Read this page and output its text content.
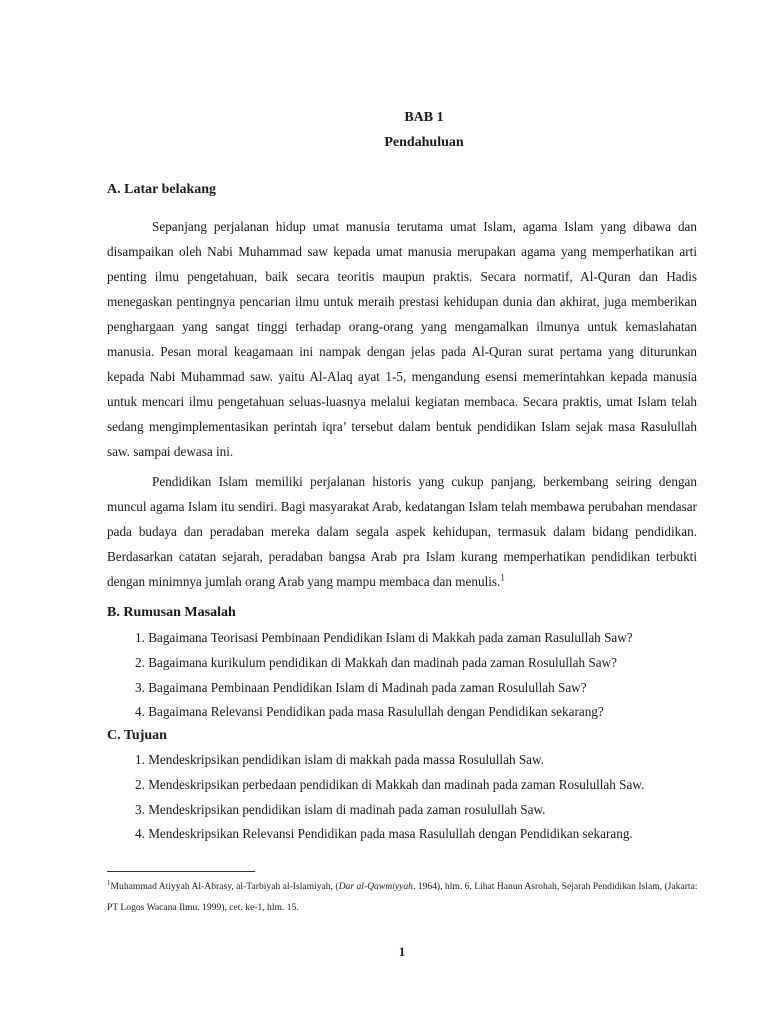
BAB 1
Pendahuluan
A. Latar belakang

Sepanjang perjalanan hidup umat manusia terutama umat Islam, agama Islam yang dibawa dan disampaikan oleh Nabi Muhammad saw kepada umat manusia merupakan agama yang memperhatikan arti penting ilmu pengetahuan, baik secara teoritis maupun praktis. Secara normatif, Al-Quran dan Hadis menegaskan pentingnya pencarian ilmu untuk meraih prestasi kehidupan dunia dan akhirat, juga memberikan penghargaan yang sangat tinggi terhadap orang-orang yang mengamalkan ilmunya untuk kemaslahatan manusia. Pesan moral keagamaan ini nampak dengan jelas pada Al-Quran surat pertama yang diturunkan kepada Nabi Muhammad saw. yaitu Al-Alaq ayat 1-5, mengandung esensi memerintahkan kepada manusia untuk mencari ilmu pengetahuan seluas-luasnya melalui kegiatan membaca. Secara praktis, umat Islam telah sedang mengimplementasikan perintah iqra’ tersebut dalam bentuk pendidikan Islam sejak masa Rasulullah saw. sampai dewasa ini.

Pendidikan Islam memiliki perjalanan historis yang cukup panjang, berkembang seiring dengan muncul agama Islam itu sendiri. Bagi masyarakat Arab, kedatangan Islam telah membawa perubahan mendasar pada budaya dan peradaban mereka dalam segala aspek kehidupan, termasuk dalam bidang pendidikan. Berdasarkan catatan sejarah, peradaban bangsa Arab pra Islam kurang memperhatikan pendidikan terbukti dengan minimnya jumlah orang Arab yang mampu membaca dan menulis.$^1$

B. Rumusan Masalah
1. Bagaimana Teorisasi Pembinaan Pendidikan Islam di Makkah pada zaman Rasulullah Saw?
2. Bagaimana kurikulum pendidikan di Makkah dan madinah pada zaman Rosulullah Saw?
3. Bagaimana Pembinaan Pendidikan Islam di Madinah pada zaman Rosulullah Saw?
4. Bagaimana Relevansi Pendidikan pada masa Rasulullah dengan Pendidikan sekarang?
C. Tujuan
1. Mendeskripsikan pendidikan islam di makkah pada massa Rosulullah Saw.
2. Mendeskripsikan perbedaan pendidikan di Makkah dan madinah pada zaman Rosulullah Saw.
3. Mendeskripsikan pendidikan islam di madinah pada zaman rosulullah Saw.
4. Mendeskripsikan Relevansi Pendidikan pada masa Rasulullah dengan Pendidikan sekarang.

$^1$Muhammad Atiyyah Al-Abrasy, al-Tarbiyah al-Islamiyah, (Dar al-Qawmiyyah. 1964), hlm. 6. Lihat Hanun Asrohah, Sejarah Pendidikan Islam, (Jakarta: PT Logos Wacana Ilmu. 1999), cet. ke-1, hlm. 15.

1
